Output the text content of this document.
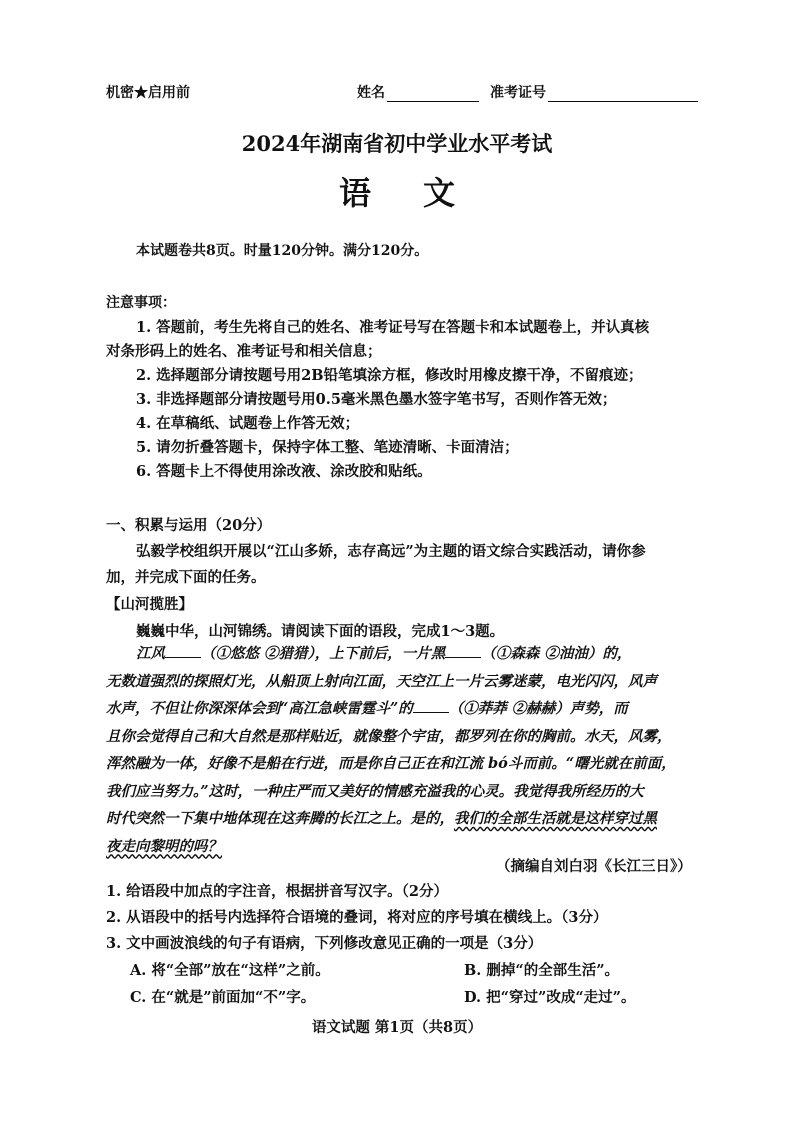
机密★启用前	姓名	准考证号
2024年湖南省初中学业水平考试
语文
本试题卷共8页。时量120分钟。满分120分。
注意事项：
1. 答题前，考生先将自己的姓名、准考证号写在答题卡和本试题卷上，并认真核
对条形码上的姓名、准考证号和相关信息；
2. 选择题部分请按题号用2B铅笔填涂方框，修改时用橡皮擦干净，不留痕迹；
3. 非选择题部分请按题号用0.5毫米黑色墨水签字笔书写，否则作答无效；
4. 在草稿纸、试题卷上作答无效；
5. 请勿折叠答题卡，保持字体工整、笔迹清晰、卡面清洁；
6. 答题卡上不得使用涂改液、涂改胶和贴纸。
一、积累与运用（20分）
弘毅学校组织开展以“江山多娇，志存高远”为主题的语文综合实践活动，请你参
加，并完成下面的任务。
【山河揽胜】
巍巍中华，山河锦绣。请阅读下面的语段，完成1～3题。
江风 （①悠悠 ②猎猎），上下前后，一片黑 （①森森 ②油油）的，
无数道强烈的探照灯光，从船顶上射向江面，天空江上一片云雾迷蒙，电光闪闪，风声
水声，不但让你深深体会到“高江急峡雷霆斗”的 （①莽莽 ②赫赫）声势，而
且你会觉得自己和大自然是那样贴近，就像整个宇宙，都罗列在你的胸前。水天，风雾，
浑然融为一体，好像不是船在行进，而是你自己正在和江流 bó斗而前。“曙光就在前面，
我们应当努力。”这时，一种庄严而又美好的情感充溢我的心灵。我觉得我所经历的大
时代突然一下集中地体现在这奔腾的长江之上。是的，我们的全部生活就是这样穿过黑
夜走向黎明的吗？
（摘编自刘白羽《长江三日》）
1. 给语段中加点的字注音，根据拼音写汉字。（2分）
2. 从语段中的括号内选择符合语境的叠词，将对应的序号填在横线上。（3分）
3. 文中画波浪线的句子有语病，下列修改意见正确的一项是（3分）
A. 将“全部”放在“这样”之前。	B. 删掉“的全部生活”。
C. 在“就是”前面加“不”字。	D. 把“穿过”改成“走过”。
语文试题 第1页（共8页）
